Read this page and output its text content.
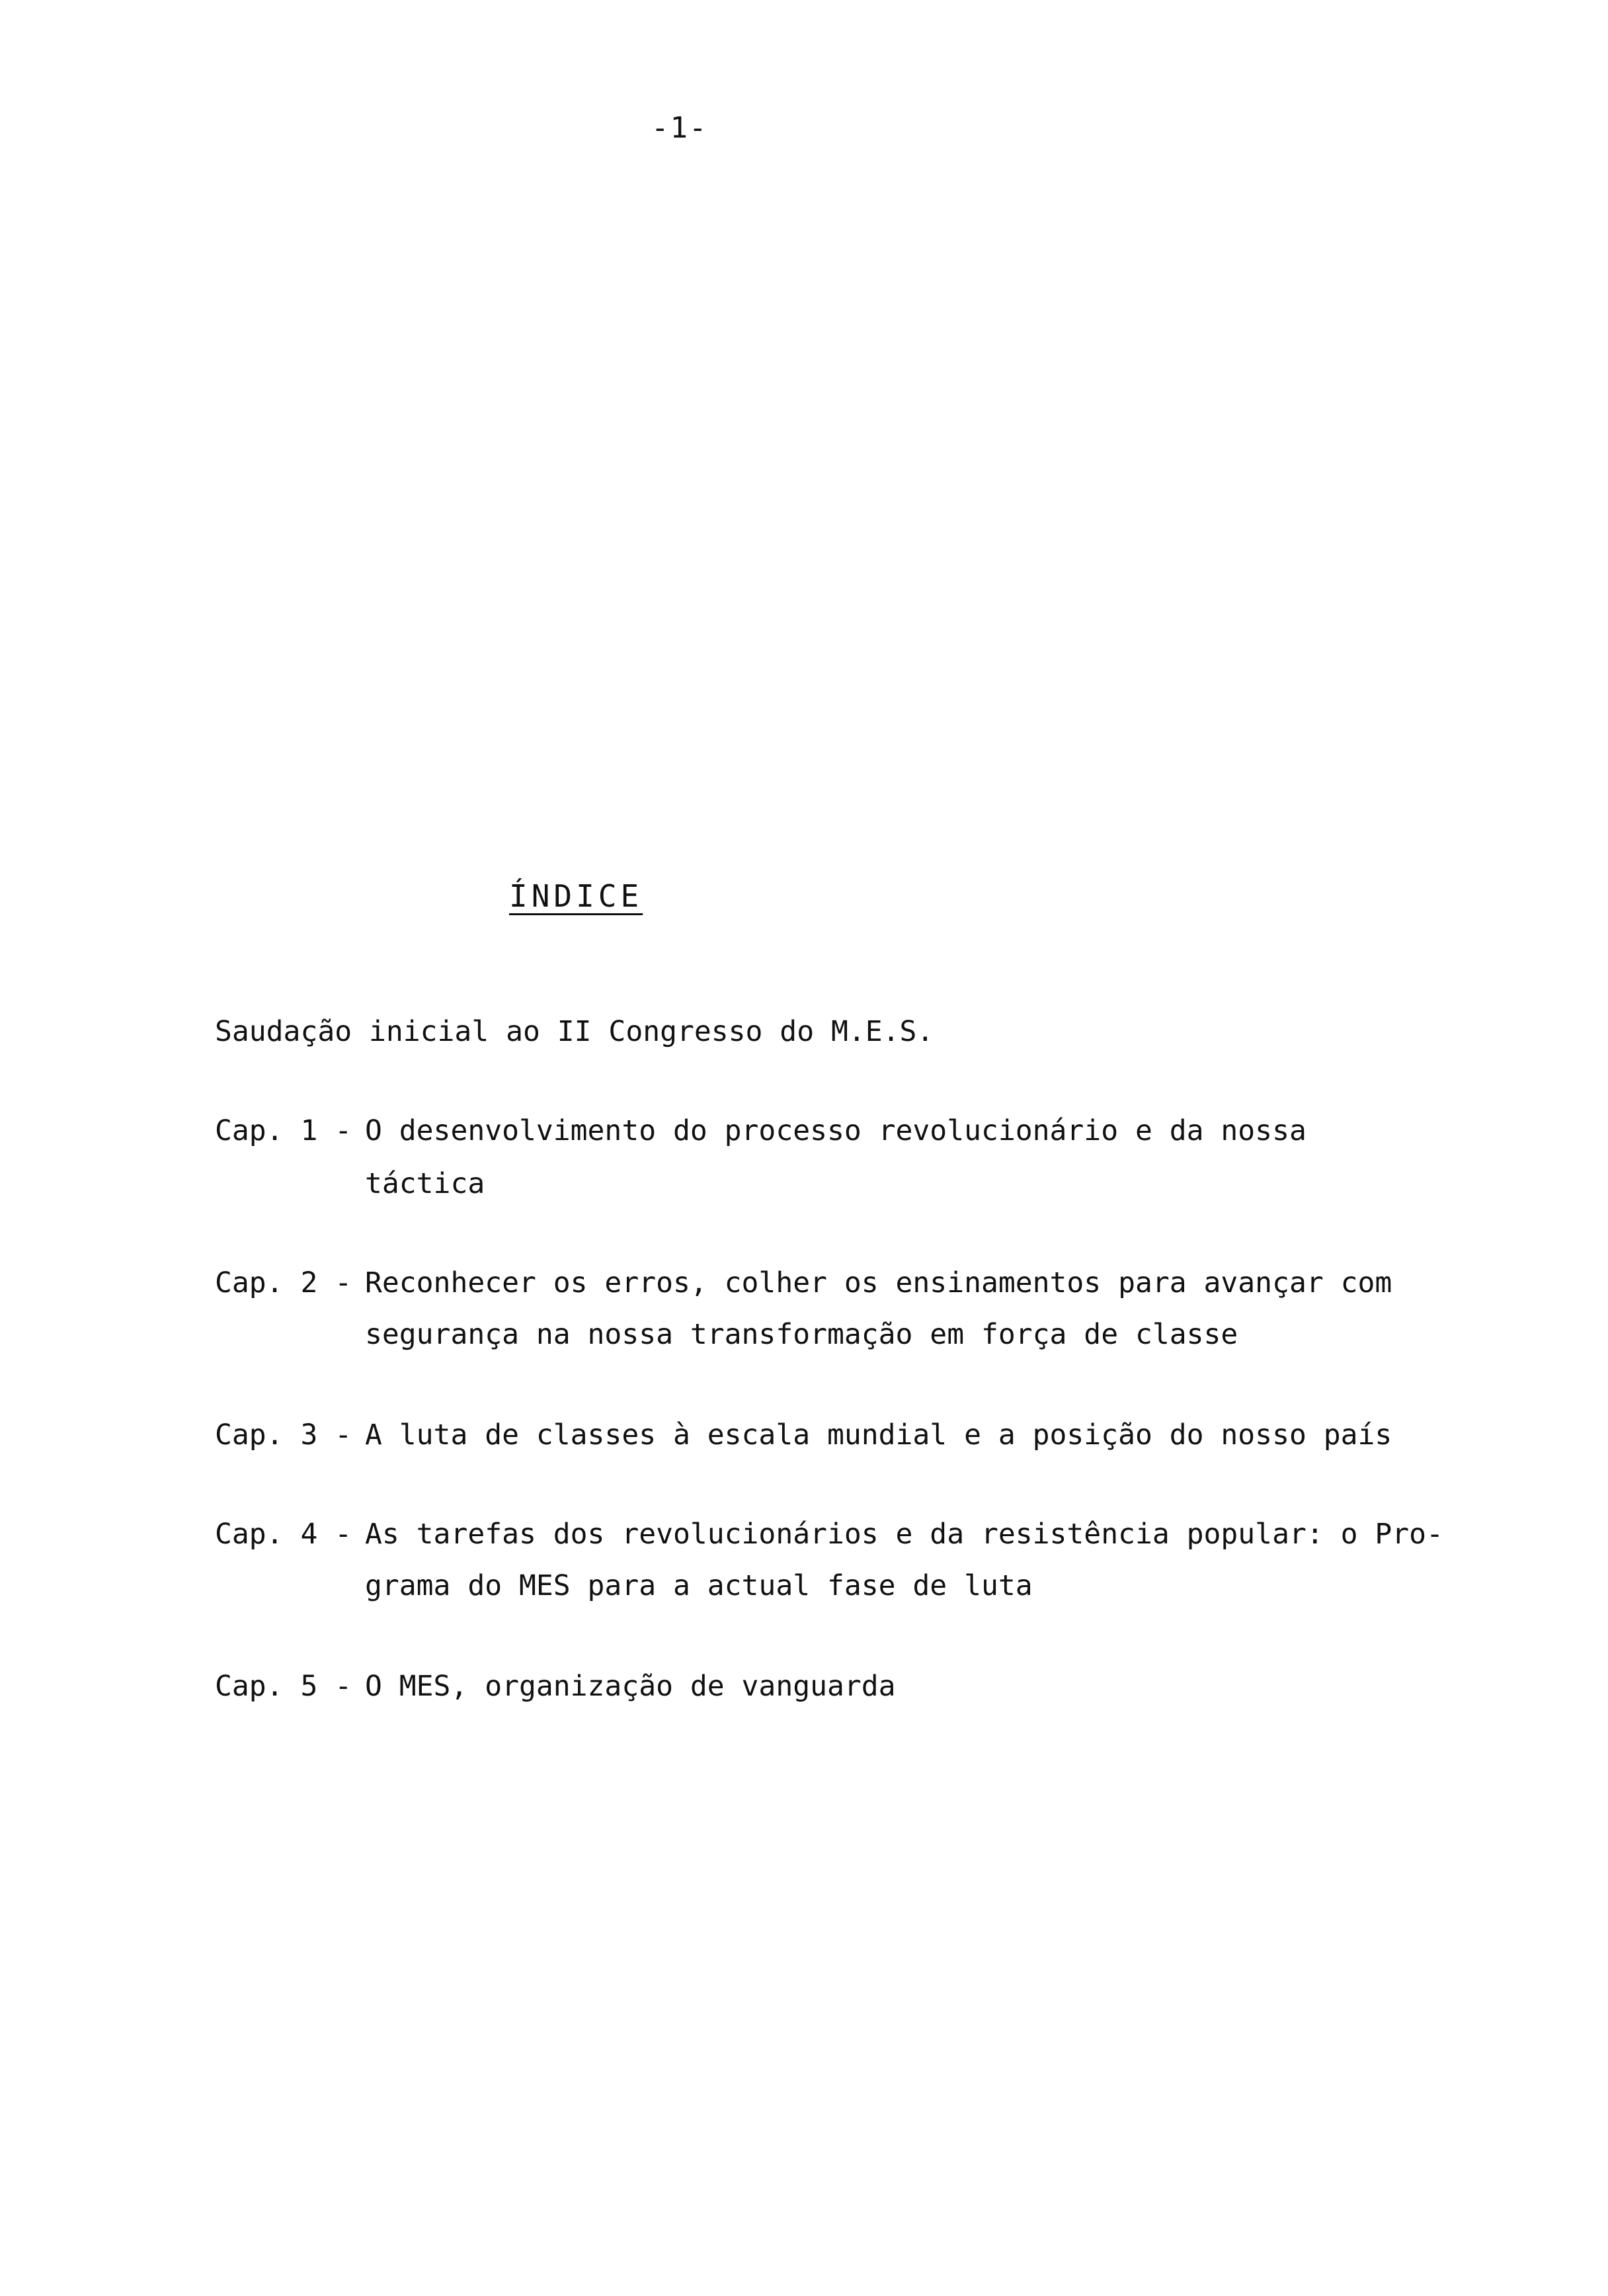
-1-
ÍNDICE
Saudação inicial ao II Congresso do M.E.S.
Cap. 1 - O desenvolvimento do processo revolucionário e da nossa
táctica
Cap. 2 - Reconhecer os erros, colher os ensinamentos para avançar com
segurança na nossa transformação em força de classe
Cap. 3 - A luta de classes à escala mundial e a posição do nosso país
Cap. 4 - As tarefas dos revolucionários e da resistência popular: o Pro-
grama do MES para a actual fase de luta
Cap. 5 - O MES, organização de vanguarda
